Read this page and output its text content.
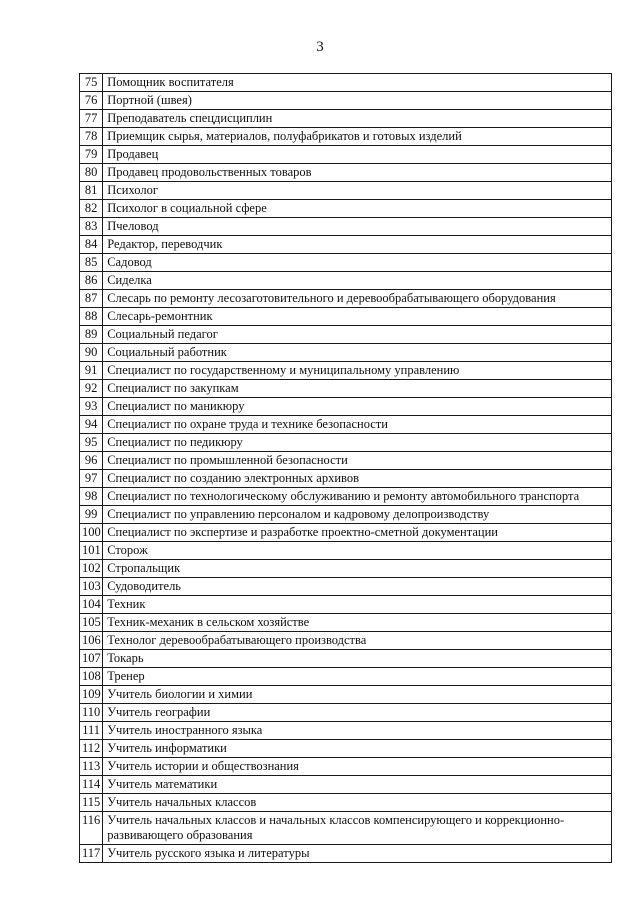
3
75	Помощник воспитателя
76	Портной (швея)
77	Преподаватель спецдисциплин
78	Приемщик сырья, материалов, полуфабрикатов и готовых изделий
79	Продавец
80	Продавец продовольственных товаров
81	Психолог
82	Психолог в социальной сфере
83	Пчеловод
84	Редактор, переводчик
85	Садовод
86	Сиделка
87	Слесарь по ремонту лесозаготовительного и деревообрабатывающего оборудования
88	Слесарь-ремонтник
89	Социальный педагог
90	Социальный работник
91	Специалист по государственному и муниципальному управлению
92	Специалист по закупкам
93	Специалист по маникюру
94	Специалист по охране труда и технике безопасности
95	Специалист по педикюру
96	Специалист по промышленной безопасности
97	Специалист по созданию электронных архивов
98	Специалист по технологическому обслуживанию и ремонту автомобильного транспорта
99	Специалист по управлению персоналом и кадровому делопроизводству
100	Специалист по экспертизе и разработке проектно-сметной документации
101	Сторож
102	Стропальщик
103	Судоводитель
104	Техник
105	Техник-механик в сельском хозяйстве
106	Технолог деревообрабатывающего производства
107	Токарь
108	Тренер
109	Учитель биологии и химии
110	Учитель географии
111	Учитель иностранного языка
112	Учитель информатики
113	Учитель истории и обществознания
114	Учитель математики
115	Учитель начальных классов
116	Учитель начальных классов и начальных классов компенсирующего и коррекционно-развивающего образования
117	Учитель русского языка и литературы
